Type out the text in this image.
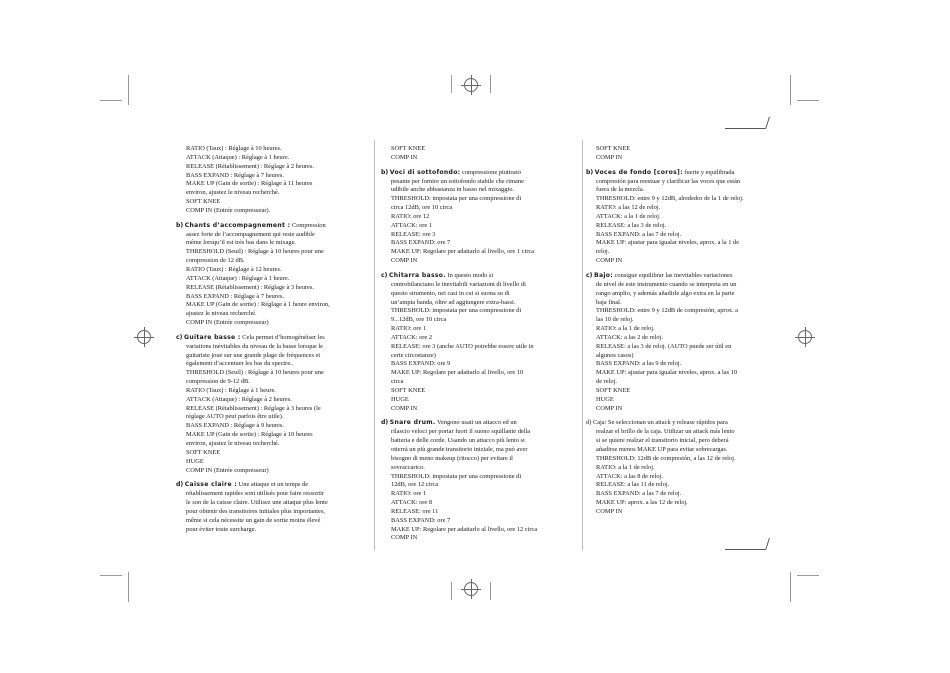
RATIO (Taux) : Réglage à 10 heures.

ATTACK (Attaque) : Réglage à 1 heure.

RELEASE (Rétablissement) : Réglage à 2 heures.

BASS EXPAND : Réglage à 7 heures.

MAKE UP (Gain de sortie) : Réglage à 11 heures

environ, ajustez le niveau recherché.

SOFT KNEE

COMP IN (Entrée compresseur).

b) Chants d’accompagnement : Compression

assez forte de l’accompagnement qui reste audible

même lorsqu’il est très bas dans le mixage.

THRESHOLD (Seuil) : Réglage à 10 heures pour une

compression de 12 dB.

RATIO (Taux) : Réglage à 12 heures.

ATTACK (Attaque) : Réglage à 1 heure.

RELEASE (Rétablissement) : Réglage à 3 heures.

BASS EXPAND : Réglage à 7 heures.

MAKE UP (Gain de sortie) : Réglage à 1 heure environ,

ajustez le niveau recherché.

COMP IN (Entrée compresseur)

c) Guitare basse : Cela permet d’homogénéiser les

variations inévitables du niveau de la basse lorsque le

guitariste joue sur une grande plage de fréquences et

également d’accentuer les bas du spectre..

THRESHOLD (Seuil) : Réglage à 10 heures pour une

compression de 9-12 dB.

RATIO (Taux) : Réglage à 1 heure.

ATTACK (Attaque) : Réglage à 2 heures.

RELEASE (Rétablissement) : Réglage à 3 heures (le

réglage AUTO peut parfois être utile).

BASS EXPAND : Réglage à 9 heures.

MAKE UP (Gain de sortie) : Réglage à 10 heures

environ, ajustez le niveau recherché.

SOFT KNEE

HUGE

COMP IN (Entrée compresseur)

d) Caisse claire : Une attaque et un temps de

rétablissement rapides sont utilisés pour faire ressortir

le son de la caisse claire. Utilisez une attaque plus lente

pour obtenir des transitoires initiales plus importantes,

même si cela nécessite un gain de sortie moins élevé

pour éviter toute surcharge.

SOFT KNEE

COMP IN

b) Voci di sottofondo: compressione piuttosto

pesante per fornire un sottofondo stabile che rimane

udibile anche abbastanza in basso nel mixaggio.

THRESHOLD: impostata per una compressione di

circa 12dB, ore 10 circa

RATIO: ore 12

ATTACK: ore 1

RELEASE: ore 3

BASS EXPAND: ore 7

MAKE UP: Regolare per adattarlo al livello, ore 1 circa

COMP IN

c) Chitarra basso. In questo modo si

controbilanciano le inevitabili variazioni di livello di

questo strumento, nei casi in cui si suona su di

un’ampia banda, oltre ad aggiungere extra-bassi.

THRESHOLD: impostata per una compressione di

9...12dB, ore 10 circa

RATIO: ore 1

ATTACK: ore 2

RELEASE: ore 3 (anche AUTO potrebbe essere utile in

certe circostanze)

BASS EXPAND: ore 9

MAKE UP: Regolare per adattarlo al livello, ore 10

circa

SOFT KNEE

HUGE

COMP IN

d) Snare drum. Vengono usati un attacco ed un

rilascio veloci per portar fuori il suono squillante della

batteria e delle corde. Usando un attacco più lento si

otterrà un più grande transitorio iniziale, ma può aver

bisogno di meno makeup (ritocco) per evitare il

sovraccarico.

THRESHOLD: impostata per una compressione di

12dB, ore 12 circa

RATIO: ore 1

ATTACK: ore 8

RELEASE: ore 11

BASS EXPAND: ore 7

MAKE UP: Regolare per adattarlo al livello, ore 12 circa

COMP IN

SOFT KNEE

COMP IN

b) Voces de fondo [coros]: fuerte y equilibrada

compresión para reestuar y clarificar las voces que están

fuera de la mezcla.

THRESHOLD: entre 9 y 12dB, alrededor de la 1 de reloj.

RATIO: a las 12 de reloj.

ATTACK: a la 1 de reloj.

RELEASE: a las 3 de reloj.

BASS EXPAND: a las 7 de reloj.

MAKE UP: ajustar para igualar niveles, aprox. a la 1 de

reloj.

COMP IN

c) Bajo: consigue equilibrar las inevitables variaciones

de nivel de este instrumento cuando se interpreta en un

rango amplio, y además añadirle algo extra en la parte

baja final.

THRESHOLD: entre 9 y 12dB de compresión, aprox. a

las 10 de reloj.

RATIO: a la 1 de reloj.

ATTACK: a las 2 de reloj.

RELEASE: a las 3 de reloj. (AUTO puede ser útil en

algunos casos)

BASS EXPAND: a las 9 de reloj.

MAKE UP: ajustar para igualar niveles, aprox. a las 10

de reloj.

SOFT KNEE

HUGE

COMP IN

d) Caja: Se seleccionan un attack y release rápidos para

realzar el brillo de la caja. Utilizar un attack más lento

si se quiere realzar el transitorio inicial, pero deberá

añadirse menos MAKE UP para evitar sobrecargas.

THRESHOLD: 12dB de compresión, a las 12 de reloj.

RATIO: a la 1 de reloj.

ATTACK: a las 8 de reloj.

RELEASE: a las 11 de reloj.

BASS EXPAND: a las 7 de reloj.

MAKE UP: aprox. a las 12 de reloj.

COMP IN
